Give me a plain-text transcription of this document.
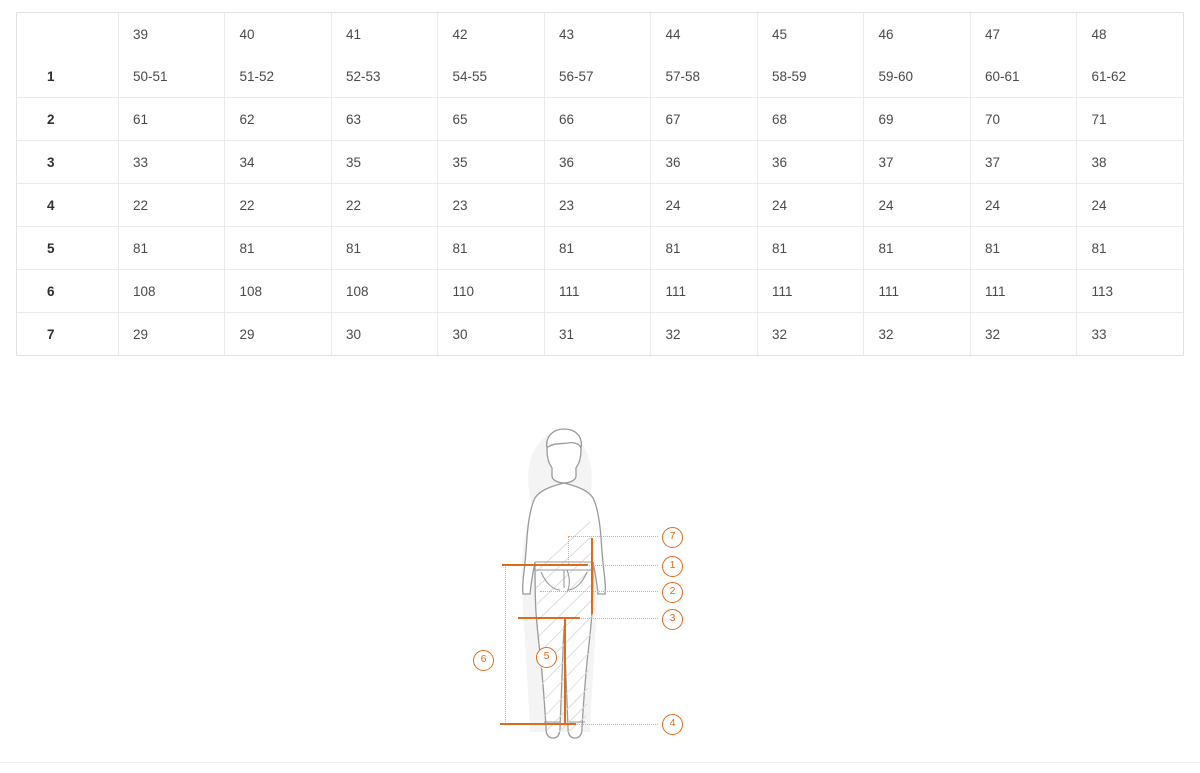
	39	40	41	42	43	44	45	46	47	48
1	50-51	51-52	52-53	54-55	56-57	57-58	58-59	59-60	60-61	61-62
2	61	62	63	65	66	67	68	69	70	71
3	33	34	35	35	36	36	36	37	37	38
4	22	22	22	23	23	24	24	24	24	24
5	81	81	81	81	81	81	81	81	81	81
6	108	108	108	110	111	111	111	111	111	113
7	29	29	30	30	31	32	32	32	32	33
7
1
2
3
6	5
4
